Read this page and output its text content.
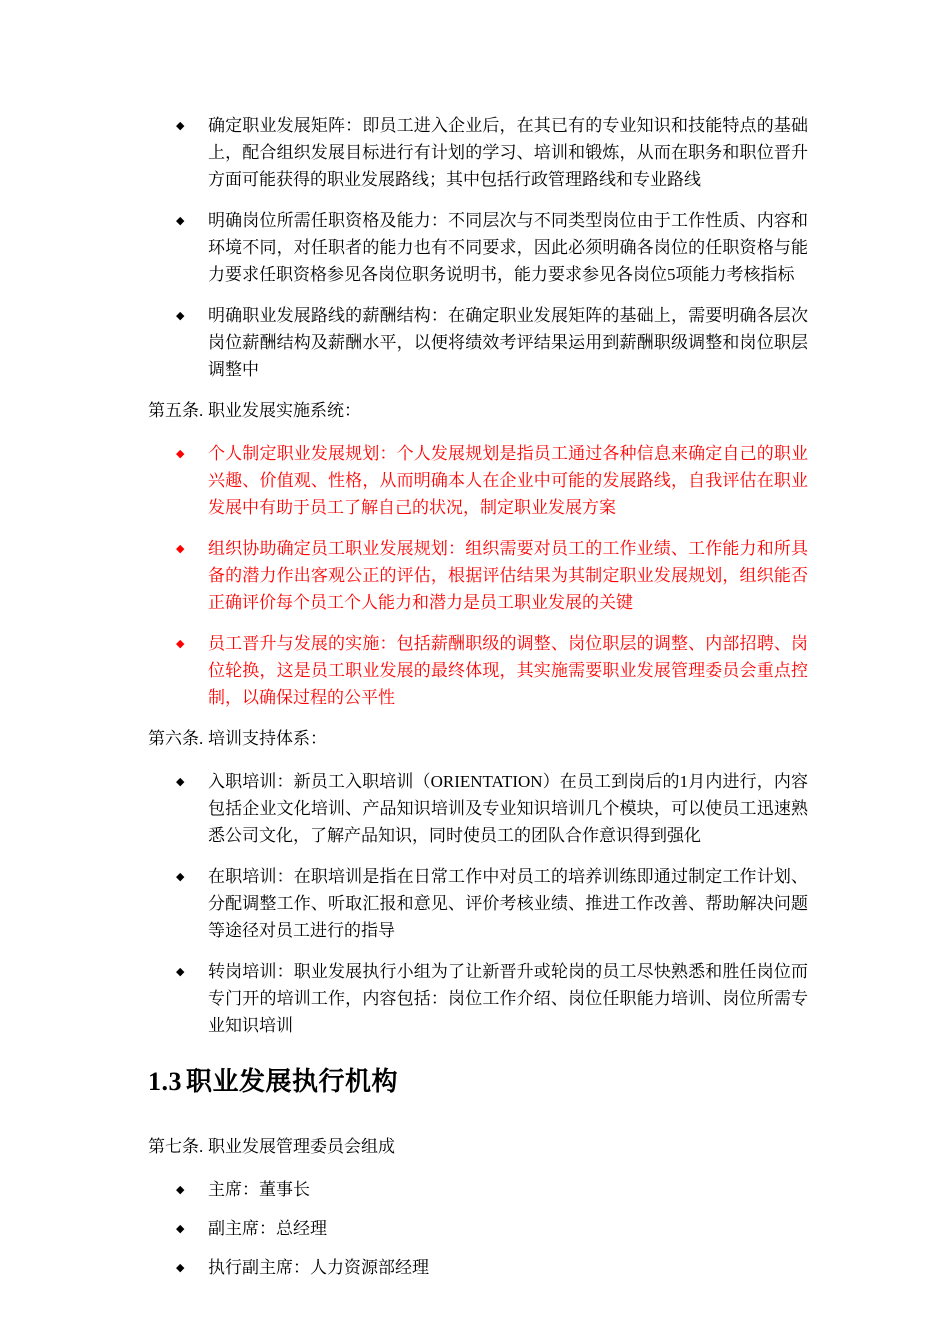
◆	确定职业发展矩阵：即员工进入企业后，在其已有的专业知识和技能特点的基础上，配合组织发展目标进行有计划的学习、培训和锻炼，从而在职务和职位晋升方面可能获得的职业发展路线；其中包括行政管理路线和专业路线

◆	明确岗位所需任职资格及能力：不同层次与不同类型岗位由于工作性质、内容和环境不同，对任职者的能力也有不同要求，因此必须明确各岗位的任职资格与能力要求任职资格参见各岗位职务说明书，能力要求参见各岗位5项能力考核指标

◆	明确职业发展路线的薪酬结构：在确定职业发展矩阵的基础上，需要明确各层次岗位薪酬结构及薪酬水平，以便将绩效考评结果运用到薪酬职级调整和岗位职层调整中

第五条. 职业发展实施系统：
◆	个人制定职业发展规划：个人发展规划是指员工通过各种信息来确定自己的职业兴趣、价值观、性格，从而明确本人在企业中可能的发展路线，自我评估在职业发展中有助于员工了解自己的状况，制定职业发展方案

◆	组织协助确定员工职业发展规划：组织需要对员工的工作业绩、工作能力和所具备的潜力作出客观公正的评估，根据评估结果为其制定职业发展规划，组织能否正确评价每个员工个人能力和潜力是员工职业发展的关键

◆	员工晋升与发展的实施：包括薪酬职级的调整、岗位职层的调整、内部招聘、岗位轮换，这是员工职业发展的最终体现，其实施需要职业发展管理委员会重点控制，以确保过程的公平性

第六条. 培训支持体系：
◆	入职培训：新员工入职培训（ORIENTATION）在员工到岗后的1月内进行，内容包括企业文化培训、产品知识培训及专业知识培训几个模块，可以使员工迅速熟悉公司文化，了解产品知识，同时使员工的团队合作意识得到强化

◆	在职培训：在职培训是指在日常工作中对员工的培养训练即通过制定工作计划、分配调整工作、听取汇报和意见、评价考核业绩、推进工作改善、帮助解决问题等途径对员工进行的指导

◆	转岗培训：职业发展执行小组为了让新晋升或轮岗的员工尽快熟悉和胜任岗位而专门开的培训工作，内容包括：岗位工作介绍、岗位任职能力培训、岗位所需专业知识培训

1.3 职业发展执行机构
第七条. 职业发展管理委员会组成
◆	主席：董事长

◆	副主席：总经理

◆	执行副主席：人力资源部经理
